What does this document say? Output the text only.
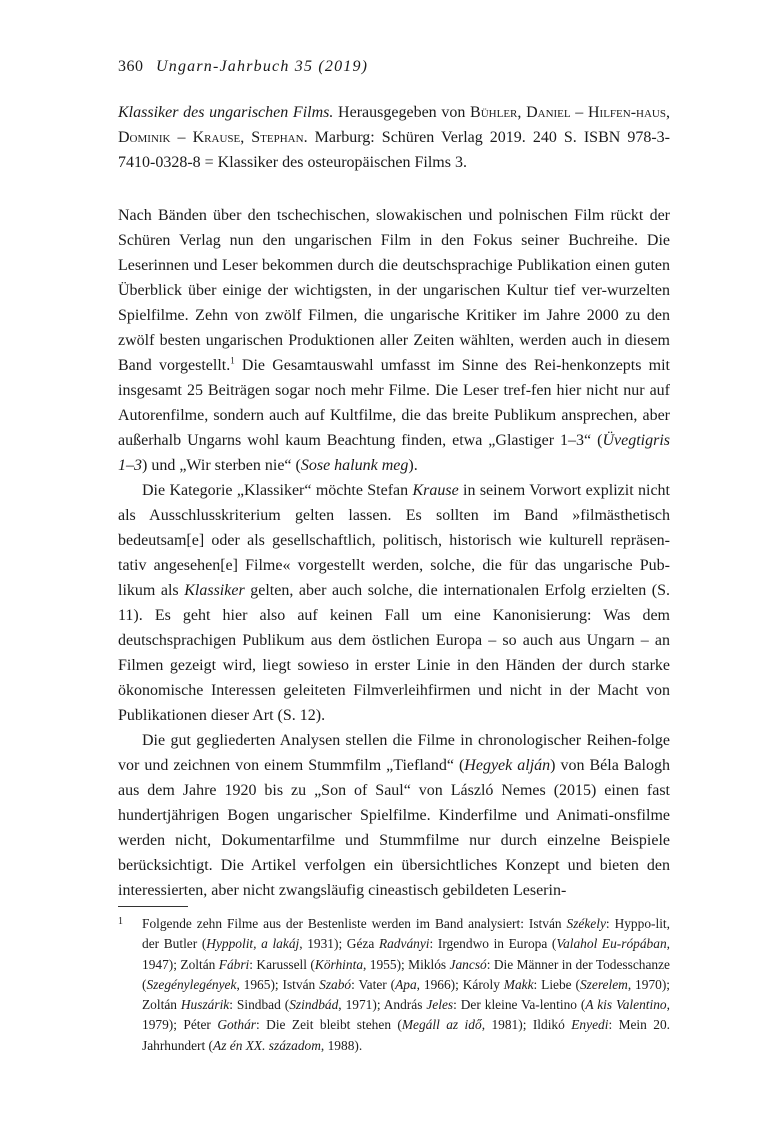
360 Ungarn-Jahrbuch 35 (2019)
Klassiker des ungarischen Films. Herausgegeben von Bühler, Daniel – Hilfen-haus, Dominik – Krause, Stephan. Marburg: Schüren Verlag 2019. 240 S. ISBN 978-3-7410-0328-8 = Klassiker des osteuropäischen Films 3.

Nach Bänden über den tschechischen, slowakischen und polnischen Film rückt der Schüren Verlag nun den ungarischen Film in den Fokus seiner Buchreihe. Die Leserinnen und Leser bekommen durch die deutschsprachige Publikation einen guten Überblick über einige der wichtigsten, in der ungarischen Kultur tief ver-wurzelten Spielfilme. Zehn von zwölf Filmen, die ungarische Kritiker im Jahre 2000 zu den zwölf besten ungarischen Produktionen aller Zeiten wählten, werden auch in diesem Band vorgestellt.$^1$ Die Gesamtauswahl umfasst im Sinne des Rei-henkonzepts mit insgesamt 25 Beiträgen sogar noch mehr Filme. Die Leser tref-fen hier nicht nur auf Autorenfilme, sondern auch auf Kultfilme, die das breite Publikum ansprechen, aber außerhalb Ungarns wohl kaum Beachtung finden, etwa „Glastiger 1–3“ (Üvegtigris 1–3) und „Wir sterben nie“ (Sose halunk meg).

Die Kategorie „Klassiker“ möchte Stefan Krause in seinem Vorwort explizit nicht als Ausschlusskriterium gelten lassen. Es sollten im Band »filmästhetisch bedeutsam[e] oder als gesellschaftlich, politisch, historisch wie kulturell repräsen-tativ angesehen[e] Filme« vorgestellt werden, solche, die für das ungarische Pub-likum als Klassiker gelten, aber auch solche, die internationalen Erfolg erzielten (S. 11). Es geht hier also auf keinen Fall um eine Kanonisierung: Was dem deutschsprachigen Publikum aus dem östlichen Europa – so auch aus Ungarn – an Filmen gezeigt wird, liegt sowieso in erster Linie in den Händen der durch starke ökonomische Interessen geleiteten Filmverleihfirmen und nicht in der Macht von Publikationen dieser Art (S. 12).

Die gut gegliederten Analysen stellen die Filme in chronologischer Reihen-folge vor und zeichnen von einem Stummfilm „Tiefland“ (Hegyek alján) von Béla Balogh aus dem Jahre 1920 bis zu „Son of Saul“ von László Nemes (2015) einen fast hundertjährigen Bogen ungarischer Spielfilme. Kinderfilme und Animati-onsfilme werden nicht, Dokumentarfilme und Stummfilme nur durch einzelne Beispiele berücksichtigt. Die Artikel verfolgen ein übersichtliches Konzept und bieten den interessierten, aber nicht zwangsläufig cineastisch gebildeten Leserin-

1	Folgende zehn Filme aus der Bestenliste werden im Band analysiert: István Székely: Hyppo-lit, der Butler (Hyppolit, a lakáj, 1931); Géza Radványi: Irgendwo in Europa (Valahol Eu-rópában, 1947); Zoltán Fábri: Karussell (Körhinta, 1955); Miklós Jancsó: Die Männer in der Todesschanze (Szegénylegények, 1965); István Szabó: Vater (Apa, 1966); Károly Makk: Liebe (Szerelem, 1970); Zoltán Huszárik: Sindbad (Szindbád, 1971); András Jeles: Der kleine Va-lentino (A kis Valentino, 1979); Péter Gothár: Die Zeit bleibt stehen (Megáll az idő, 1981); Ildikó Enyedi: Mein 20. Jahrhundert (Az én XX. századom, 1988).
